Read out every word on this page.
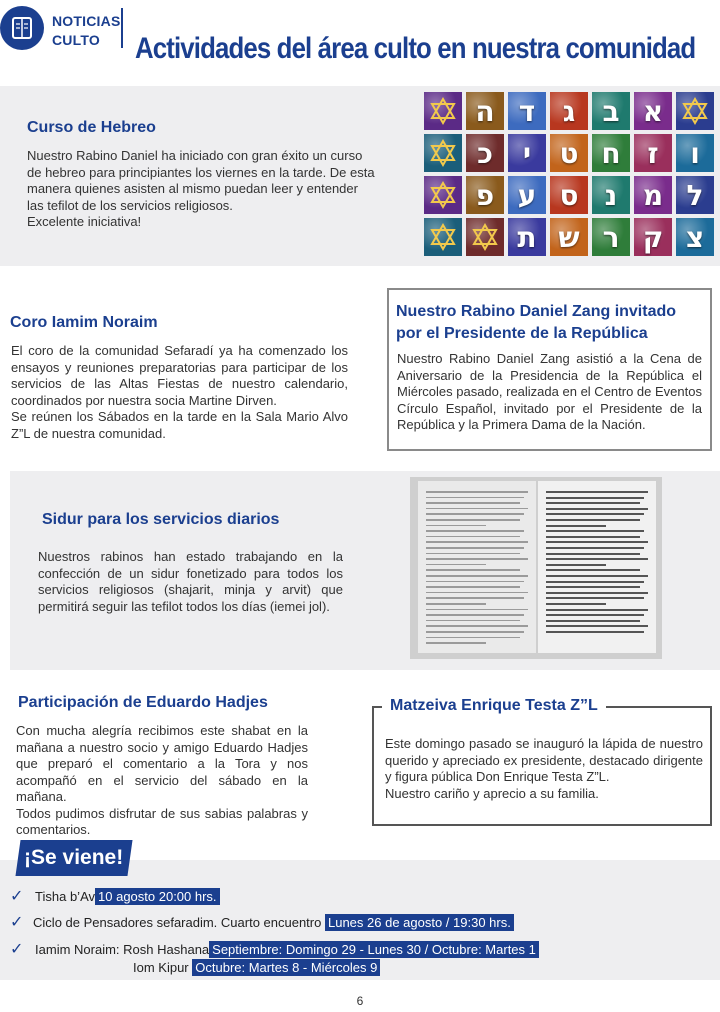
NOTICIAS
CULTO	Actividades del área culto en nuestra comunidad
Curso de Hebreo
Nuestro Rabino Daniel ha iniciado con gran éxito un curso
de hebreo para principiantes los viernes en la tarde. De esta
manera quienes asisten al mismo puedan leer y entender
las tefilot de los servicios religiosos.
Excelente iniciativa!
א
ב
ג
ד
ה
ו
ז
ח
ט
י
כ
ל
מ
נ
ס
ע
פ
צ
ק
ר
ש
ת
Coro Iamim Noraim
El coro de la comunidad Sefaradí ya ha comenzado los ensayos y reuniones preparatorias para participar de los servicios de las Altas Fiestas de nuestro calendario, coordinados por nuestra socia Martine Dirven.
Se reúnen los Sábados en la tarde en la Sala Mario Alvo Z”L de nuestra comunidad.
Nuestro Rabino Daniel Zang invitado
por el Presidente de la República
Nuestro Rabino Daniel Zang asistió a la Cena de Aniversario de la Presidencia de la República el Miércoles pasado, realizada en el Centro de Eventos Círculo Español, invitado por el Presidente de la República y la Primera Dama de la Nación.
Sidur para los servicios diarios
Nuestros rabinos han estado trabajando en la confección de un sidur fonetizado para todos los servicios religiosos (shajarit, minja y arvit) que permitirá seguir las tefilot todos los días (iemei jol).
Participación de Eduardo Hadjes
Con mucha alegría recibimos este shabat en la mañana a nuestro socio y amigo Eduardo Hadjes que preparó el comentario a la Tora y nos acompañó en el servicio del sábado en la mañana.
Todos pudimos disfrutar de sus sabias palabras y comentarios.
Matzeiva Enrique Testa Z”L
Este domingo pasado se inauguró la lápida de nuestro querido y apreciado ex presidente, destacado dirigente y figura pública Don Enrique Testa Z”L.
Nuestro cariño y aprecio a su familia.
¡Se viene!
✓ Tisha b’Av 10 agosto 20:00 hrs.
✓ Ciclo de Pensadores sefaradim. Cuarto encuentro Lunes 26 de agosto / 19:30 hrs.
✓ Iamim Noraim: Rosh Hashana Septiembre: Domingo 29 - Lunes 30 / Octubre: Martes 1
Iom Kipur Octubre: Martes 8 - Miércoles 9
6
